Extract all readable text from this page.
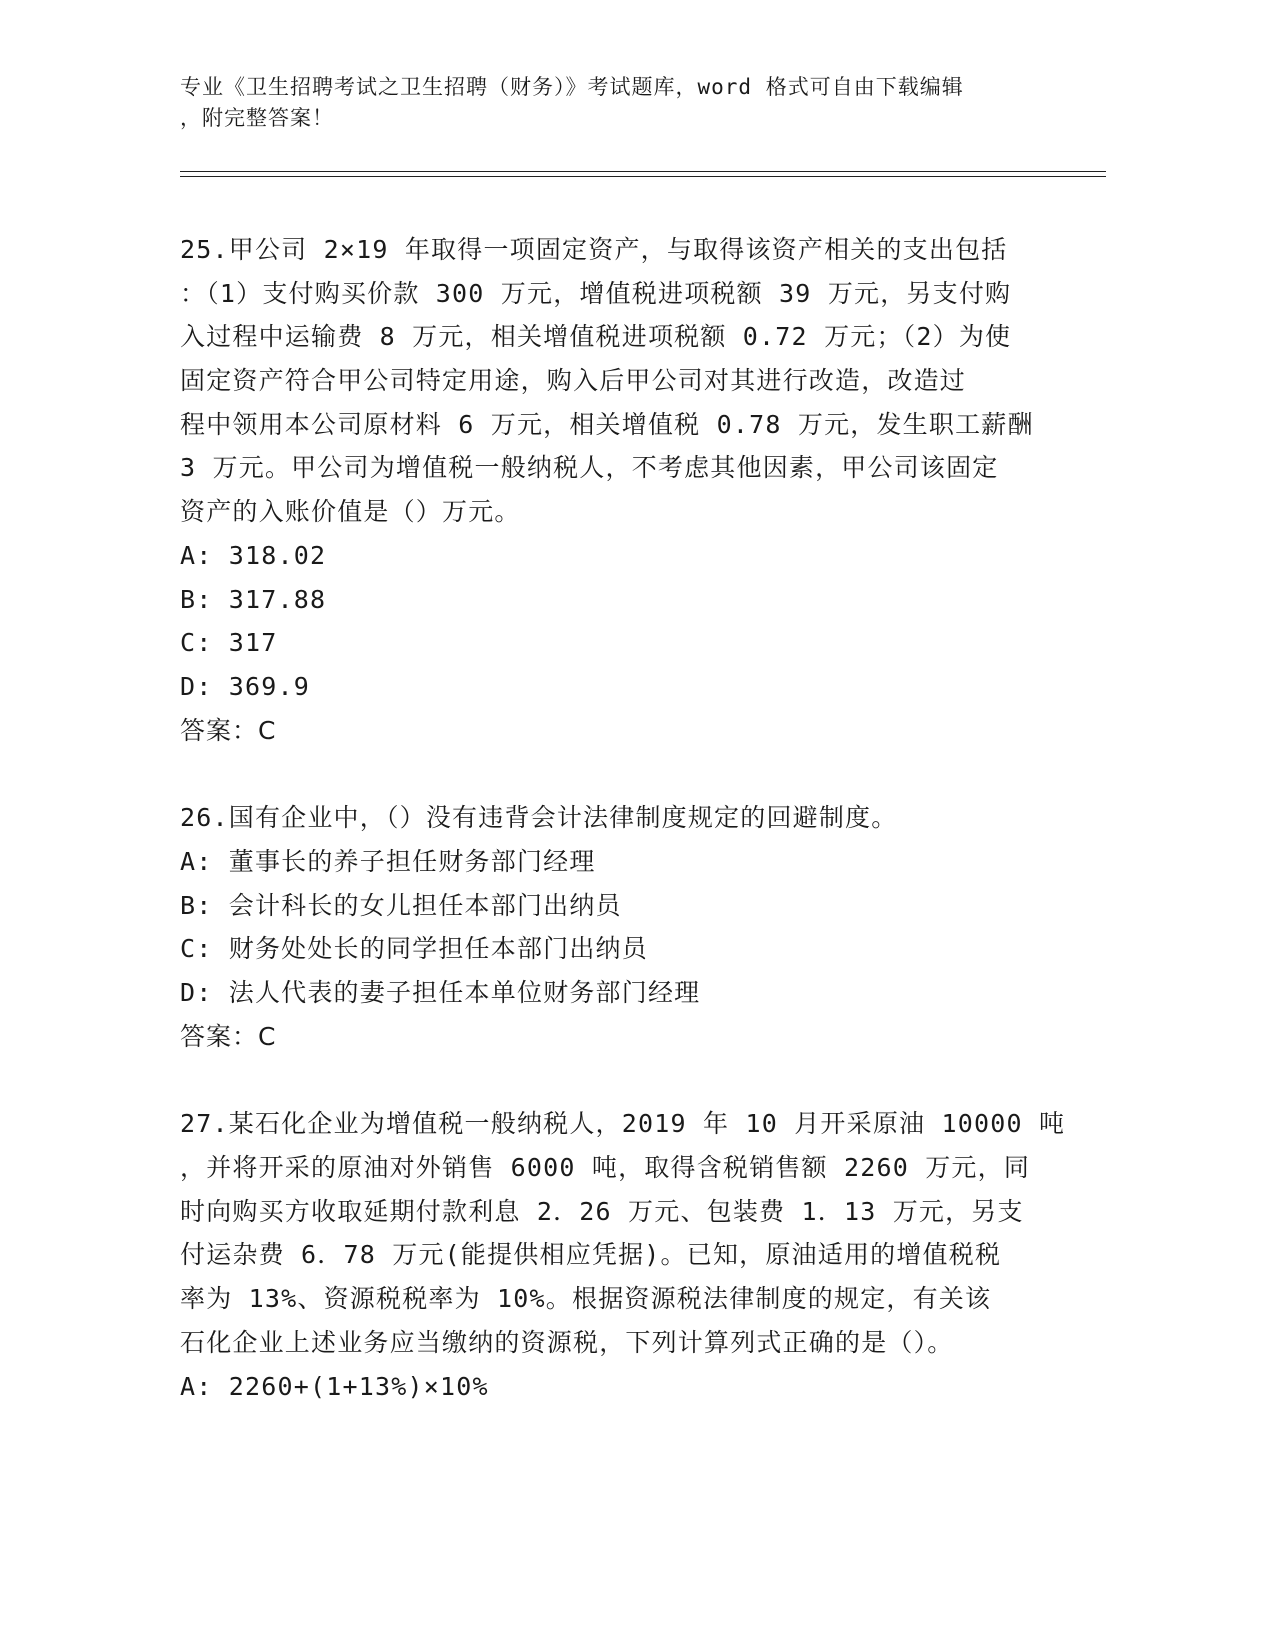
专业《卫生招聘考试之卫生招聘（财务）》考试题库，word 格式可自由下载编辑

，附完整答案！

25.甲公司 2×19 年取得一项固定资产，与取得该资产相关的支出包括
：（1）支付购买价款 300 万元，增值税进项税额 39 万元，另支付购
入过程中运输费 8 万元，相关增值税进项税额 0.72 万元；（2）为使
固定资产符合甲公司特定用途，购入后甲公司对其进行改造，改造过
程中领用本公司原材料 6 万元，相关增值税 0.78 万元，发生职工薪酬
3 万元。甲公司为增值税一般纳税人，不考虑其他因素，甲公司该固定
资产的入账价值是（）万元。
A: 318.02
B: 317.88
C: 317
D: 369.9
答案：C
26.国有企业中，（）没有违背会计法律制度规定的回避制度。
A: 董事长的养子担任财务部门经理
B: 会计科长的女儿担任本部门出纳员
C: 财务处处长的同学担任本部门出纳员
D: 法人代表的妻子担任本单位财务部门经理
答案：C
27.某石化企业为增值税一般纳税人，2019 年 10 月开采原油 10000 吨
，并将开采的原油对外销售 6000 吨，取得含税销售额 2260 万元，同
时向购买方收取延期付款利息 2．26 万元、包装费 1．13 万元，另支
付运杂费 6．78 万元(能提供相应凭据)。已知，原油适用的增值税税
率为 13%、资源税税率为 10%。根据资源税法律制度的规定，有关该
石化企业上述业务应当缴纳的资源税，下列计算列式正确的是（）。
A: 2260+(1+13%)×10%
